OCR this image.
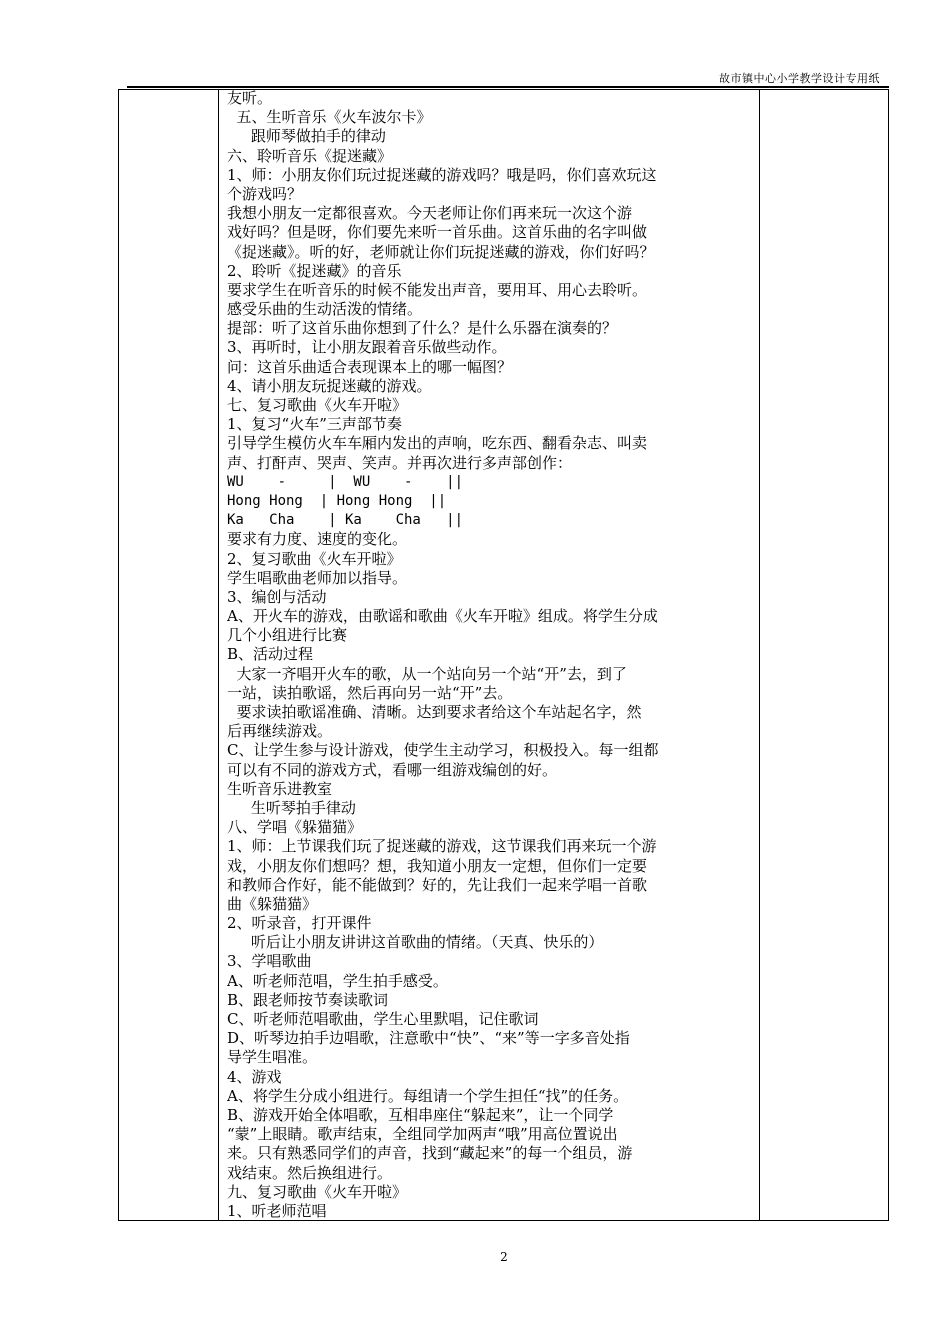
故市镇中心小学教学设计专用纸
友听。
五、生听音乐《火车波尔卡》
跟师琴做拍手的律动
六、聆听音乐《捉迷藏》
1、师：小朋友你们玩过捉迷藏的游戏吗？哦是吗，你们喜欢玩这
个游戏吗？
我想小朋友一定都很喜欢。今天老师让你们再来玩一次这个游
戏好吗？但是呀，你们要先来听一首乐曲。这首乐曲的名字叫做
《捉迷藏》。听的好，老师就让你们玩捉迷藏的游戏，你们好吗？
2、聆听《捉迷藏》的音乐
要求学生在听音乐的时候不能发出声音，要用耳、用心去聆听。
感受乐曲的生动活泼的情绪。
提部：听了这首乐曲你想到了什么？是什么乐器在演奏的？
3、再听时，让小朋友跟着音乐做些动作。
问：这首乐曲适合表现课本上的哪一幅图？
4、请小朋友玩捉迷藏的游戏。
七、复习歌曲《火车开啦》
1、复习“火车”三声部节奏
引导学生模仿火车车厢内发出的声响，吃东西、翻看杂志、叫卖
声、打酐声、哭声、笑声。并再次进行多声部创作：
WU    -     |  WU    -    ||
Hong Hong  | Hong Hong  ||
Ka   Cha    | Ka    Cha   ||
要求有力度、速度的变化。
2、复习歌曲《火车开啦》
学生唱歌曲老师加以指导。
3、编创与活动
A、开火车的游戏，由歌谣和歌曲《火车开啦》组成。将学生分成
几个小组进行比赛
B、活动过程
大家一齐唱开火车的歌，从一个站向另一个站“开”去，到了
一站，读拍歌谣，然后再向另一站“开”去。
要求读拍歌谣准确、清晰。达到要求者给这个车站起名字，然
后再继续游戏。
C、让学生参与设计游戏，使学生主动学习，积极投入。每一组都
可以有不同的游戏方式，看哪一组游戏编创的好。
生听音乐进教室
生听琴拍手律动
八、学唱《躲猫猫》
1、师：上节课我们玩了捉迷藏的游戏，这节课我们再来玩一个游
戏，小朋友你们想吗？想，我知道小朋友一定想，但你们一定要
和教师合作好，能不能做到？好的，先让我们一起来学唱一首歌
曲《躲猫猫》
2、听录音，打开课件
听后让小朋友讲讲这首歌曲的情绪。（天真、快乐的）
3、学唱歌曲
A、听老师范唱，学生拍手感受。
B、跟老师按节奏读歌词
C、听老师范唱歌曲，学生心里默唱，记住歌词
D、听琴边拍手边唱歌，注意歌中“快”、“来”等一字多音处指
导学生唱准。
4、游戏
A、将学生分成小组进行。每组请一个学生担任“找”的任务。
B、游戏开始全体唱歌，互相串座住“躲起来”，让一个同学
“蒙”上眼睛。歌声结束，全组同学加两声“哦”用高位置说出
来。只有熟悉同学们的声音，找到“藏起来”的每一个组员，游
戏结束。然后换组进行。
九、复习歌曲《火车开啦》
1、听老师范唱
2
